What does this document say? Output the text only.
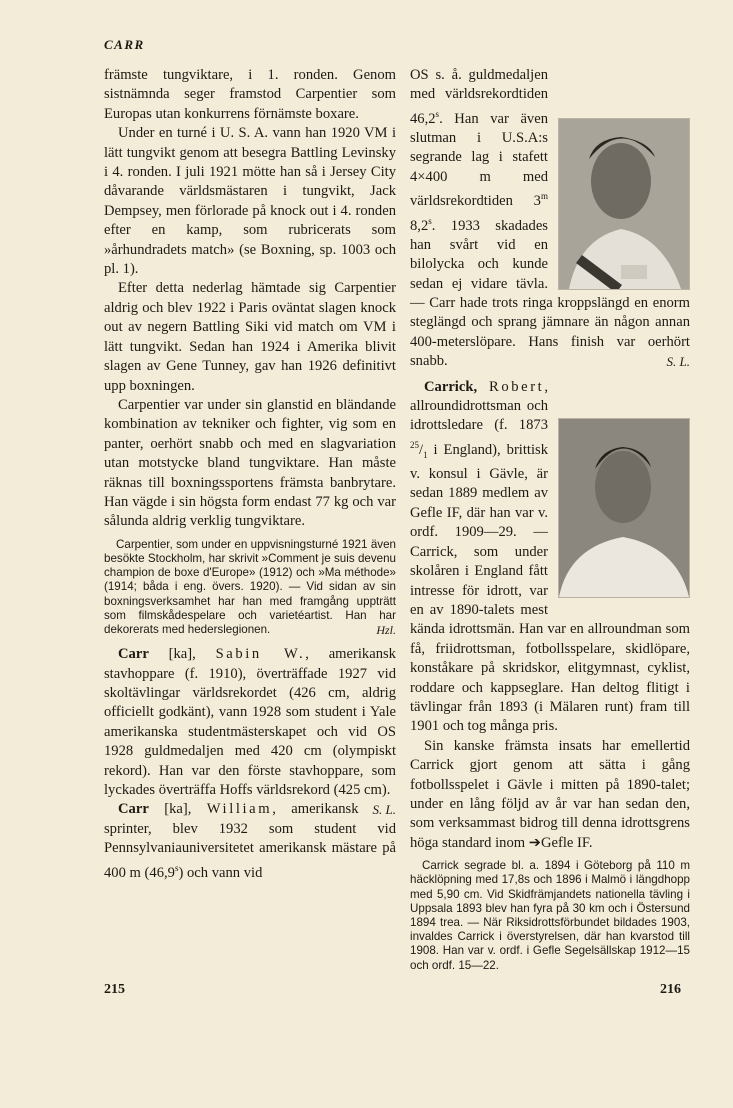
CARR

främste tungviktare, i 1. ronden. Genom sistnämnda seger framstod Carpentier som Europas utan konkurrens förnämste boxare.

Under en turné i U. S. A. vann han 1920 VM i lätt tungvikt genom att besegra Battling Levinsky i 4. ronden. I juli 1921 mötte han så i Jersey City dåvarande världsmästaren i tungvikt, Jack Dempsey, men förlorade på knock out i 4. ronden efter en kamp, som rubricerats som »århundradets match» (se Boxning, sp. 1003 och pl. 1).

Efter detta nederlag hämtade sig Carpentier aldrig och blev 1922 i Paris oväntat slagen knock out av negern Battling Siki vid match om VM i lätt tungvikt. Sedan han 1924 i Amerika blivit slagen av Gene Tunney, gav han 1926 definitivt upp boxningen.

Carpentier var under sin glanstid en bländande kombination av tekniker och fighter, vig som en panter, oerhört snabb och med en slagvariation utan motstycke bland tungviktare. Han måste räknas till boxningssportens främsta banbrytare. Han vägde i sin högsta form endast 77 kg och var sålunda aldrig verklig tungviktare.

Carpentier, som under en uppvisningsturné 1921 även besökte Stockholm, har skrivit »Comment je suis devenu champion de boxe d'Europe» (1912) och »Ma méthode» (1914; båda i eng. övers. 1920). — Vid sidan av sin boxningsverksamhet har han med framgång uppträtt som filmskådespelare och varietéartist. Han har dekorerats med hederslegionen.	Hzl.

Carr [ka], Sabin W., amerikansk stavhoppare (f. 1910), överträffade 1927 vid skoltävlingar världsrekordet (426 cm, aldrig officiellt godkänt), vann 1928 som student i Yale amerikanska studentmästerskapet och vid OS 1928 guldmedaljen med 420 cm (olympiskt rekord). Han var den förste stavhoppare, som lyckades överträffa Hoffs världsrekord (425 cm).
S. L.

Carr [ka], William, amerikansk sprinter, blev 1932 som student vid Pennsylvaniauniversitetet amerikansk mästare på 400 m (46,9$^s$) och vann vid

215

OS s. å. guldmedaljen med världsrekordtiden 46,2$^s$. Han var även slutman i U.S.A:s segrande lag i stafett 4×400 m med världsrekordtiden 3$^m$ 8,2$^s$. 1933 skadades han svårt vid en bilolycka och kunde sedan ej vidare tävla. — Carr hade trots ringa kroppslängd en enorm steglängd och sprang jämnare än någon annan 400-meterslöpare. Hans finish var oerhört snabb.	S. L.

Carrick, Robert, allroundidrottsman och idrottsledare (f. 1873 $^{25}/_1$ i England), brittisk v. konsul i Gävle, är sedan 1889 medlem av Gefle IF, där han var v. ordf. 1909—29. — Carrick, som under skolåren i England fått intresse för idrott, var en av 1890-talets mest kända idrottsmän. Han var en allroundman som få, friidrottsman, fotbollsspelare, skidlöpare, konståkare på skridskor, elitgymnast, cyklist, roddare och kappseglare. Han deltog flitigt i tävlingar från 1893 (i Mälaren runt) fram till 1901 och tog många pris.

Sin kanske främsta insats har emellertid Carrick gjort genom att sätta i gång fotbollsspelet i Gävle i mitten på 1890-talet; under en lång följd av år var han sedan den, som verksammast bidrog till denna idrottsgrens höga standard inom ➔Gefle IF.

Carrick segrade bl. a. 1894 i Göteborg på 110 m häcklöpning med 17,8s och 1896 i Malmö i längdhopp med 5,90 cm. Vid Skidfrämjandets nationella tävling i Uppsala 1893 blev han fyra på 30 km och i Östersund 1894 trea. — När Riksidrottsförbundet bildades 1903, invaldes Carrick i överstyrelsen, där han kvarstod till 1908. Han var v. ordf. i Gefle Segelsällskap 1912—15 och ordf. 15—22.

216
